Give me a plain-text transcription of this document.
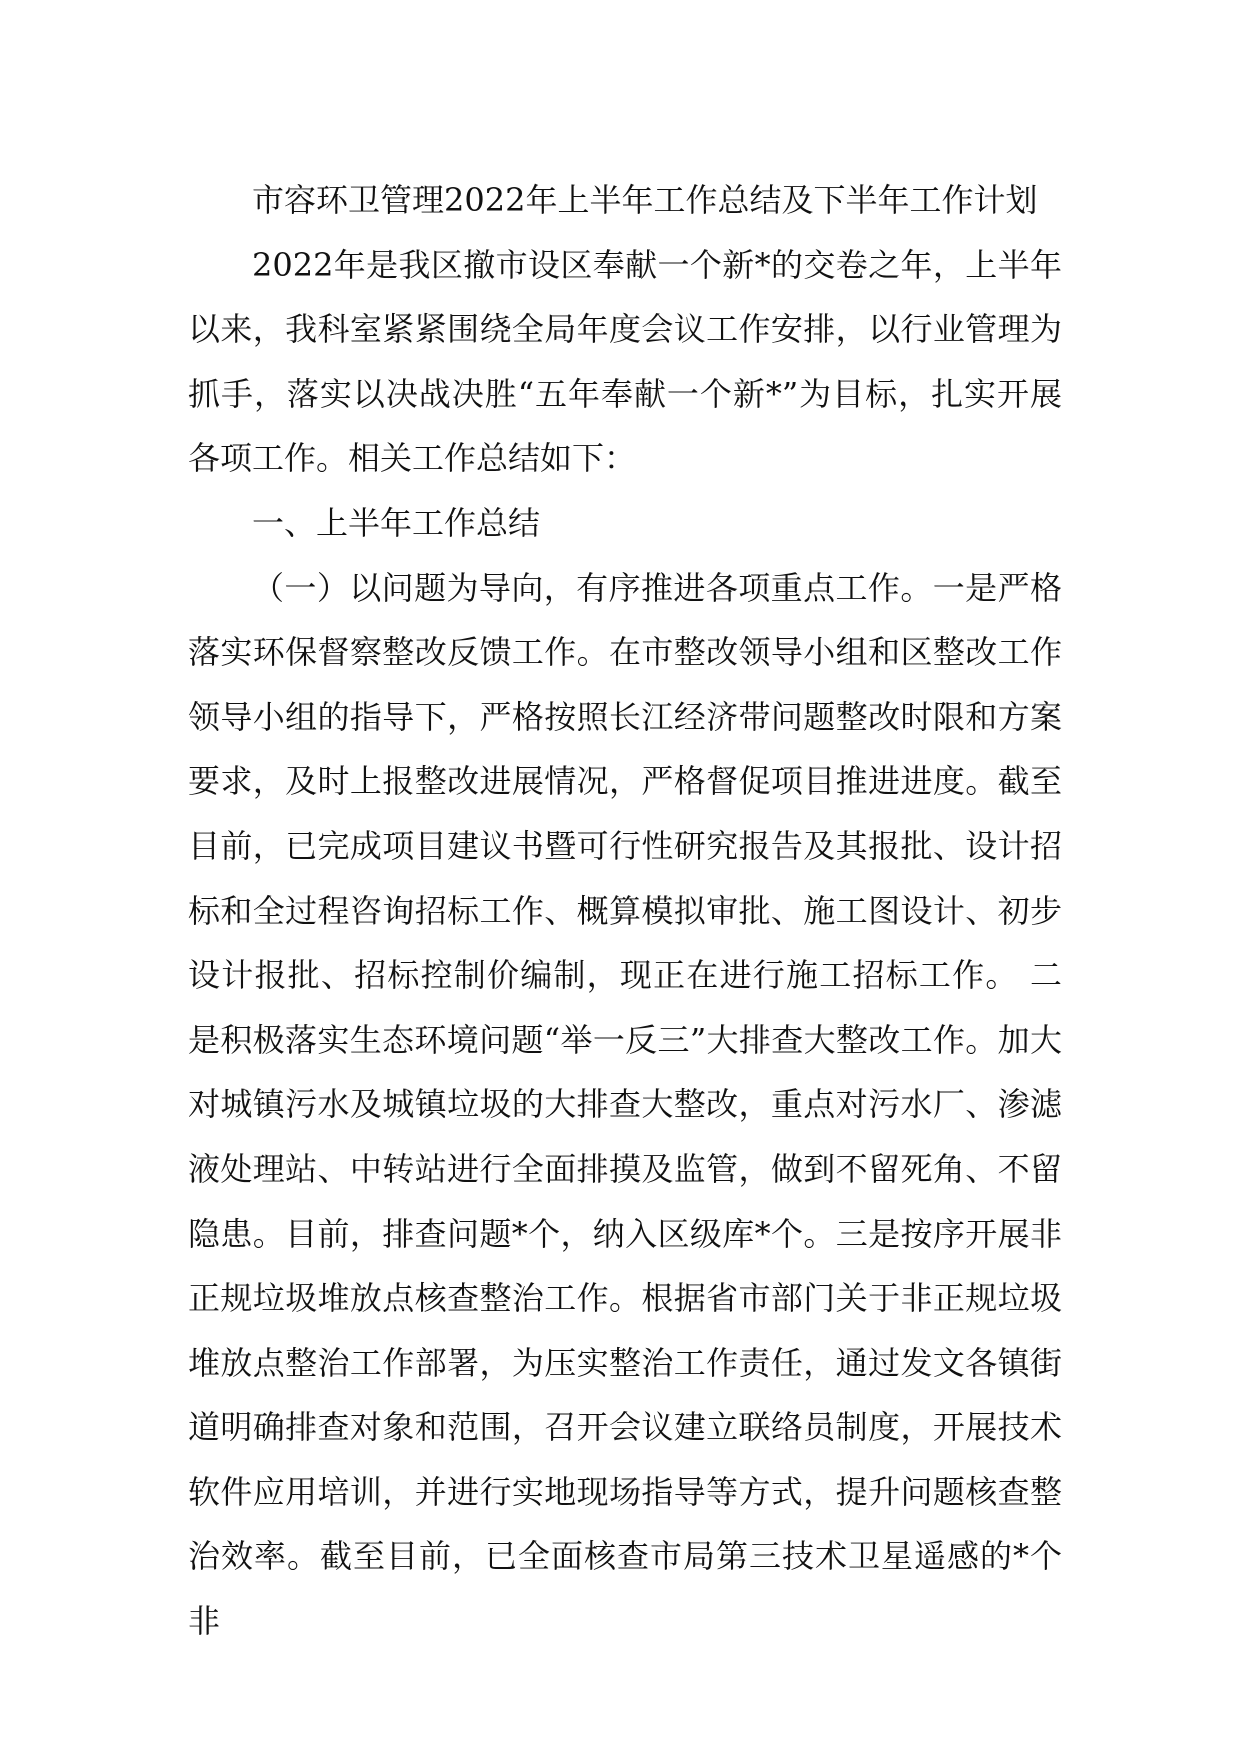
市容环卫管理2022年上半年工作总结及下半年工作计划

2022年是我区撤市设区奉献一个新*的交卷之年，上半年以来，我科室紧紧围绕全局年度会议工作安排，以行业管理为抓手，落实以决战决胜“五年奉献一个新*”为目标，扎实开展各项工作。相关工作总结如下：

一、上半年工作总结

（一）以问题为导向，有序推进各项重点工作。一是严格落实环保督察整改反馈工作。在市整改领导小组和区整改工作领导小组的指导下，严格按照长江经济带问题整改时限和方案要求，及时上报整改进展情况，严格督促项目推进进度。截至目前，已完成项目建议书暨可行性研究报告及其报批、设计招标和全过程咨询招标工作、概算模拟审批、施工图设计、初步设计报批、招标控制价编制，现正在进行施工招标工作。 二是积极落实生态环境问题“举一反三”大排查大整改工作。加大对城镇污水及城镇垃圾的大排查大整改，重点对污水厂、渗滤液处理站、中转站进行全面排摸及监管，做到不留死角、不留隐患。目前，排查问题*个，纳入区级库*个。三是按序开展非正规垃圾堆放点核查整治工作。根据省市部门关于非正规垃圾堆放点整治工作部署，为压实整治工作责任，通过发文各镇街道明确排查对象和范围，召开会议建立联络员制度，开展技术软件应用培训，并进行实地现场指导等方式，提升问题核查整治效率。截至目前，已全面核查市局第三技术卫星遥感的*个非
